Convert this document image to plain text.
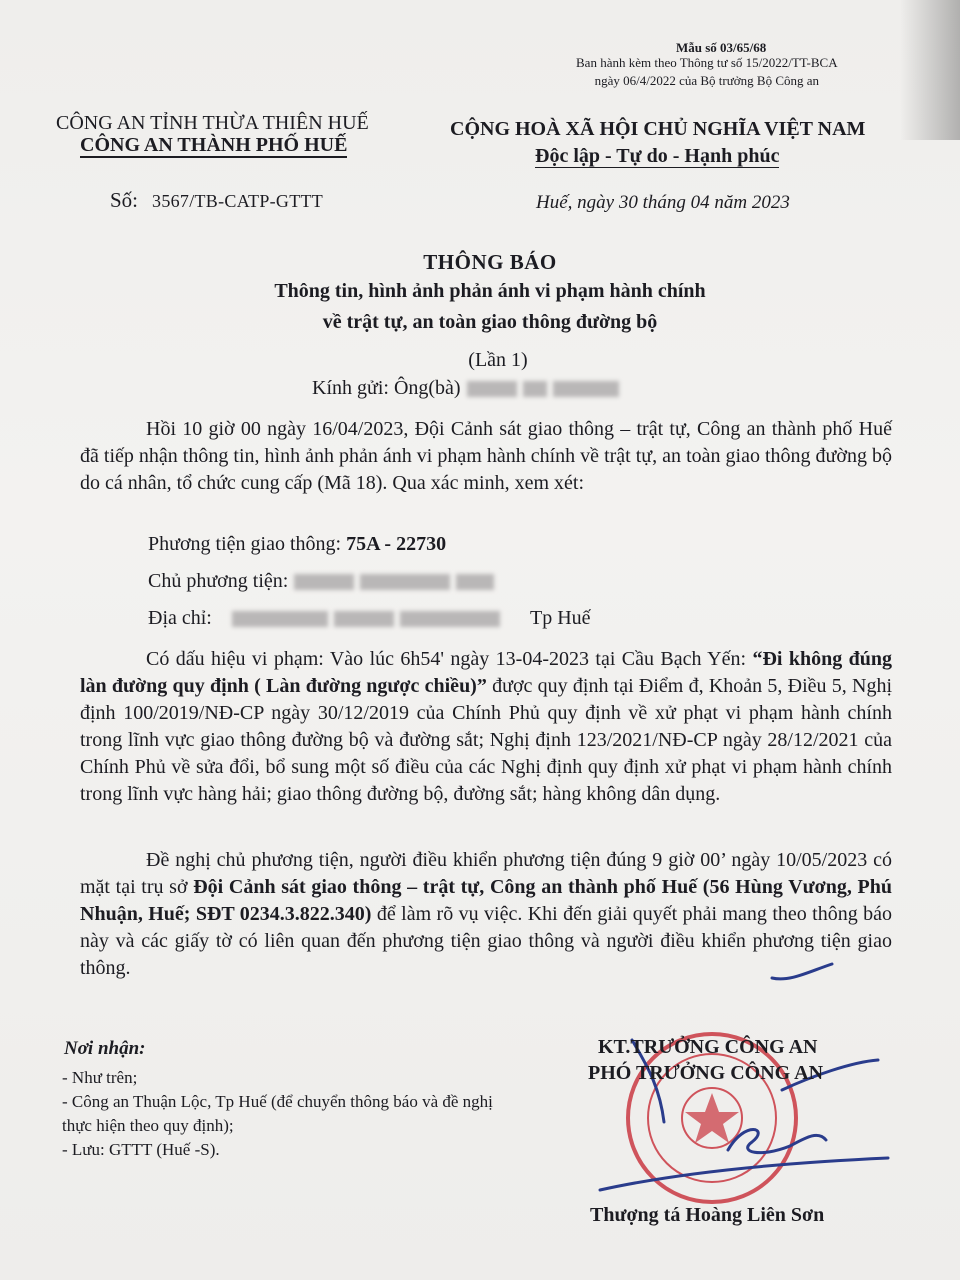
Mẫu số 03/65/68
Ban hành kèm theo Thông tư số 15/2022/TT-BCA
ngày 06/4/2022 của Bộ trưởng Bộ Công an
CÔNG AN TỈNH THỪA THIÊN HUẾ
CÔNG AN THÀNH PHỐ HUẾ
CỘNG HOÀ XÃ HỘI CHỦ NGHĨA VIỆT NAM
Độc lập - Tự do - Hạnh phúc
Số: 3567/TB-CATP-GTTT	Huế, ngày 30 tháng 04 năm 2023
THÔNG BÁO
Thông tin, hình ảnh phản ánh vi phạm hành chính
về trật tự, an toàn giao thông đường bộ
(Lần 1)
Kính gửi: Ông(bà)
Hồi 10 giờ 00 ngày 16/04/2023, Đội Cảnh sát giao thông – trật tự, Công an thành phố Huế đã tiếp nhận thông tin, hình ảnh phản ánh vi phạm hành chính về trật tự, an toàn giao thông đường bộ do cá nhân, tổ chức cung cấp (Mã 18). Qua xác minh, xem xét:
Phương tiện giao thông: 75A - 22730
Chủ phương tiện:
Địa chỉ:	Tp Huế
Có dấu hiệu vi phạm: Vào lúc 6h54' ngày 13-04-2023 tại Cầu Bạch Yến: “Đi không đúng làn đường quy định ( Làn đường ngược chiều)” được quy định tại Điểm đ, Khoản 5, Điều 5, Nghị định 100/2019/NĐ-CP ngày 30/12/2019 của Chính Phủ quy định về xử phạt vi phạm hành chính trong lĩnh vực giao thông đường bộ và đường sắt; Nghị định 123/2021/NĐ-CP ngày 28/12/2021 của Chính Phủ về sửa đổi, bổ sung một số điều của các Nghị định quy định xử phạt vi phạm hành chính trong lĩnh vực hàng hải; giao thông đường bộ, đường sắt; hàng không dân dụng.
Đề nghị chủ phương tiện, người điều khiển phương tiện đúng 9 giờ 00’ ngày 10/05/2023 có mặt tại trụ sở Đội Cảnh sát giao thông – trật tự, Công an thành phố Huế (56 Hùng Vương, Phú Nhuận, Huế; SĐT 0234.3.822.340) để làm rõ vụ việc. Khi đến giải quyết phải mang theo thông báo này và các giấy tờ có liên quan đến phương tiện giao thông và người điều khiển phương tiện giao thông.
Nơi nhận:
- Như trên;
- Công an Thuận Lộc, Tp Huế (để chuyển thông báo và đề nghị thực hiện theo quy định);
- Lưu: GTTT (Huế -S).
KT.TRƯỞNG CÔNG AN
PHÓ TRƯỞNG CÔNG AN
Thượng tá Hoàng Liên Sơn
